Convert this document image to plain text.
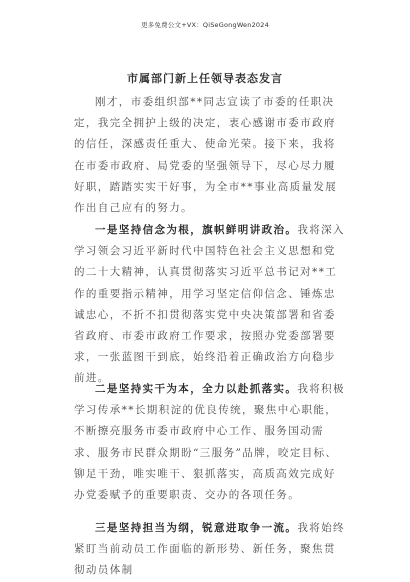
更多免费公文+VX：QiSeGongWen2024
市属部门新上任领导表态发言

刚才，市委组织部**同志宣读了市委的任职决定，我完全拥护上级的决定，衷心感谢市委市政府的信任，深感责任重大、使命光荣。接下来，我将在市委市政府、局党委的坚强领导下，尽心尽力履好职，踏踏实实干好事，为全市**事业高质量发展作出自己应有的努力。

一是坚持信念为根，旗帜鲜明讲政治。我将深入学习领会习近平新时代中国特色社会主义思想和党的二十大精神，认真贯彻落实习近平总书记对**工作的重要指示精神，用学习坚定信仰信念、锤炼忠诚忠心，不折不扣贯彻落实党中央决策部署和省委省政府、市委市政府工作要求，按照办党委部署要求，一张蓝图干到底，始终沿着正确政治方向稳步前进。

二是坚持实干为本，全力以赴抓落实。我将积极学习传承**长期积淀的优良传统，聚焦中心职能，不断擦亮服务市委市政府中心工作、服务国动需求、服务市民群众期盼“三服务”品牌，咬定目标、铆足干劲，唯实唯干、狠抓落实，高质高效完成好办党委赋予的重要职责、交办的各项任务。

三是坚持担当为纲，锐意进取争一流。我将始终紧盯当前动员工作面临的新形势、新任务，聚焦贯彻动员体制
